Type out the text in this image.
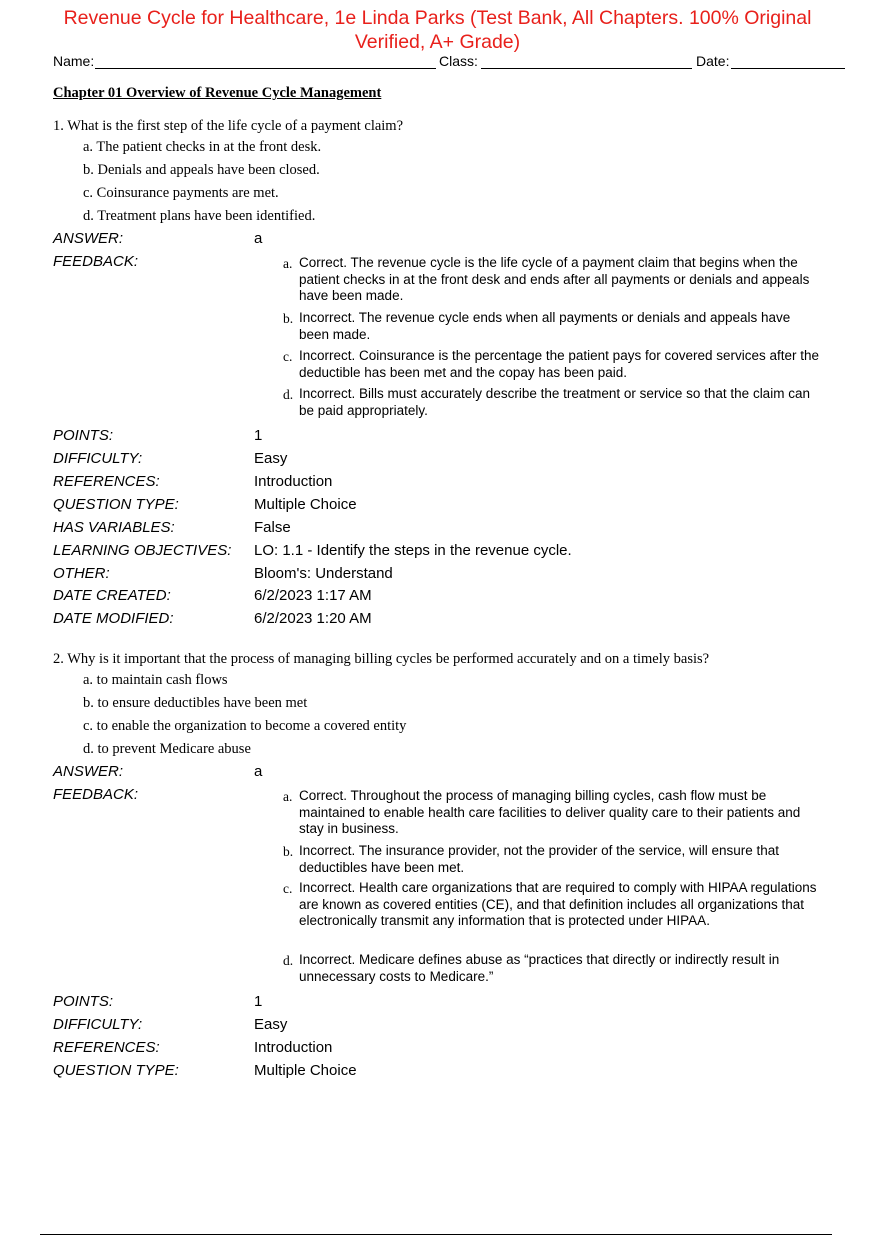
Revenue Cycle for Healthcare, 1e Linda Parks (Test Bank, All Chapters. 100% Original
Verified, A+ Grade)
Name:	Class:	Date:
Chapter 01 Overview of Revenue Cycle Management
1. What is the first step of the life cycle of a payment claim?
a. The patient checks in at the front desk.
b. Denials and appeals have been closed.
c. Coinsurance payments are met.
d. Treatment plans have been identified.
ANSWER:	a
FEEDBACK:	a. Correct. The revenue cycle is the life cycle of a payment claim that begins when the patient checks in at the front desk and ends after all payments or denials and appeals have been made.
b. Incorrect. The revenue cycle ends when all payments or denials and appeals have been made.
c. Incorrect. Coinsurance is the percentage the patient pays for covered services after the deductible has been met and the copay has been paid.
d. Incorrect. Bills must accurately describe the treatment or service so that the claim can be paid appropriately.
POINTS:	1
DIFFICULTY:	Easy
REFERENCES:	Introduction
QUESTION TYPE:	Multiple Choice
HAS VARIABLES:	False
LEARNING OBJECTIVES: LO: 1.1 - Identify the steps in the revenue cycle.
OTHER:	Bloom's: Understand
DATE CREATED:	6/2/2023 1:17 AM
DATE MODIFIED:	6/2/2023 1:20 AM
2. Why is it important that the process of managing billing cycles be performed accurately and on a timely basis?
a. to maintain cash flows
b. to ensure deductibles have been met
c. to enable the organization to become a covered entity
d. to prevent Medicare abuse
ANSWER:	a
FEEDBACK:	a. Correct. Throughout the process of managing billing cycles, cash flow must be maintained to enable health care facilities to deliver quality care to their patients and stay in business.
b. Incorrect. The insurance provider, not the provider of the service, will ensure that deductibles have been met.
c. Incorrect. Health care organizations that are required to comply with HIPAA regulations are known as covered entities (CE), and that definition includes all organizations that electronically transmit any information that is protected under HIPAA.
d. Incorrect. Medicare defines abuse as “practices that directly or indirectly result in unnecessary costs to Medicare.”
POINTS:	1
DIFFICULTY:	Easy
REFERENCES:	Introduction
QUESTION TYPE:	Multiple Choice
